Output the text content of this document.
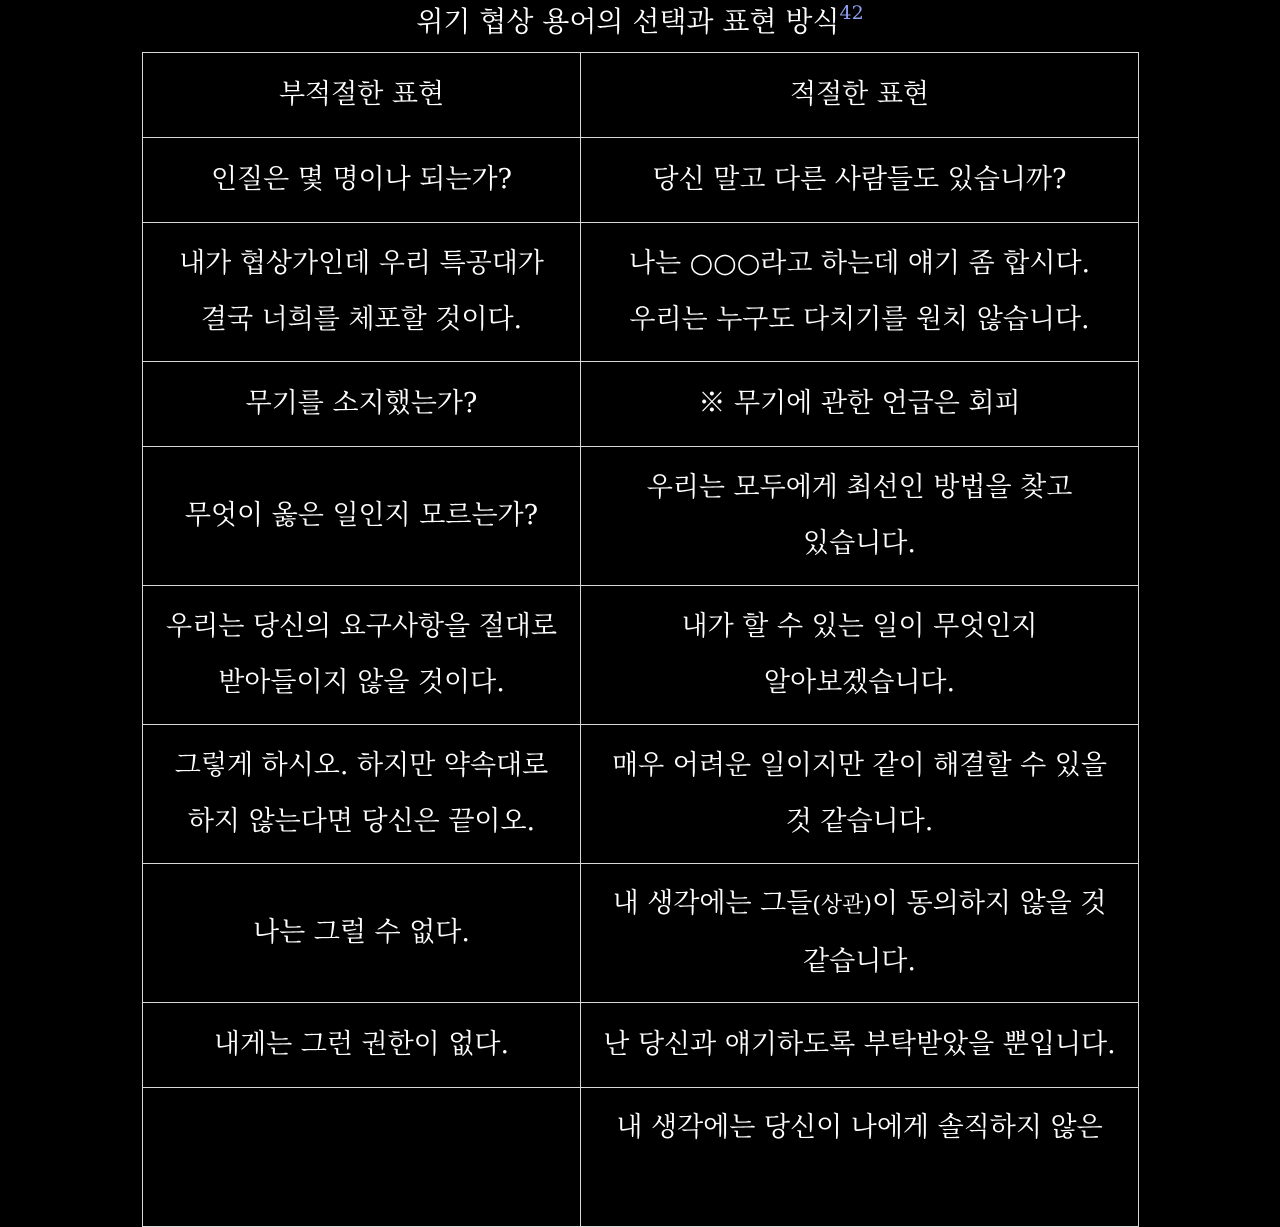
위기 협상 용어의 선택과 표현 방식$^{42}$
부적절한 표현	적절한 표현
인질은 몇 명이나 되는가?	당신 말고 다른 사람들도 있습니까?
내가 협상가인데 우리 특공대가 결국 너희를 체포할 것이다.	나는 ○○○라고 하는데 얘기 좀 합시다. 우리는 누구도 다치기를 원치 않습니다.
무기를 소지했는가?	※ 무기에 관한 언급은 회피
무엇이 옳은 일인지 모르는가?	우리는 모두에게 최선인 방법을 찾고 있습니다.
우리는 당신의 요구사항을 절대로 받아들이지 않을 것이다.	내가 할 수 있는 일이 무엇인지 알아보겠습니다.
그렇게 하시오. 하지만 약속대로 하지 않는다면 당신은 끝이오.	매우 어려운 일이지만 같이 해결할 수 있을 것 같습니다.
나는 그럴 수 없다.	내 생각에는 그들(상관)이 동의하지 않을 것 같습니다.
내게는 그런 권한이 없다.	난 당신과 얘기하도록 부탁받았을 뿐입니다.
	내 생각에는 당신이 나에게 솔직하지 않은
